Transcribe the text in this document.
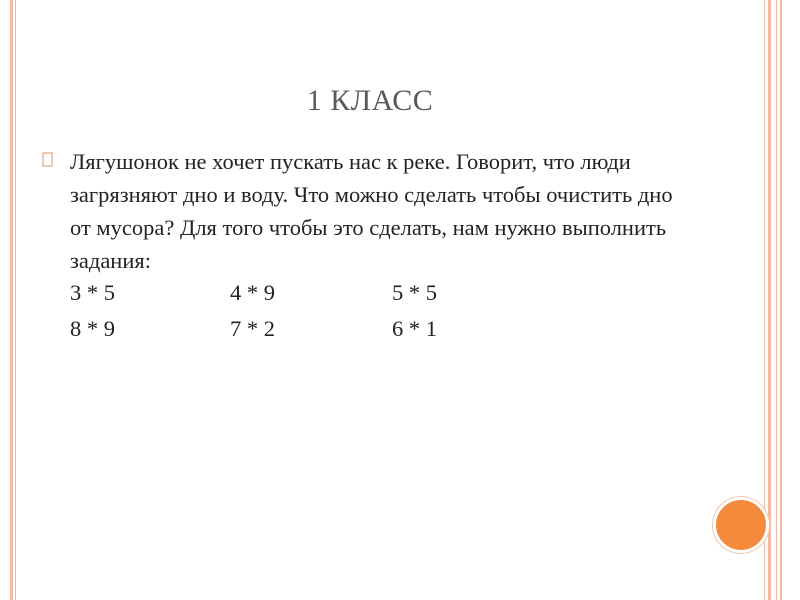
1 КЛАСС
Лягушонок не хочет пускать нас к реке. Говорит, что люди загрязняют дно и воду. Что можно сделать чтобы очистить дно от мусора? Для того чтобы это сделать, нам нужно выполнить задания:
3 * 5	4 * 9	5 * 5
8 * 9	7 * 2	6 * 1
